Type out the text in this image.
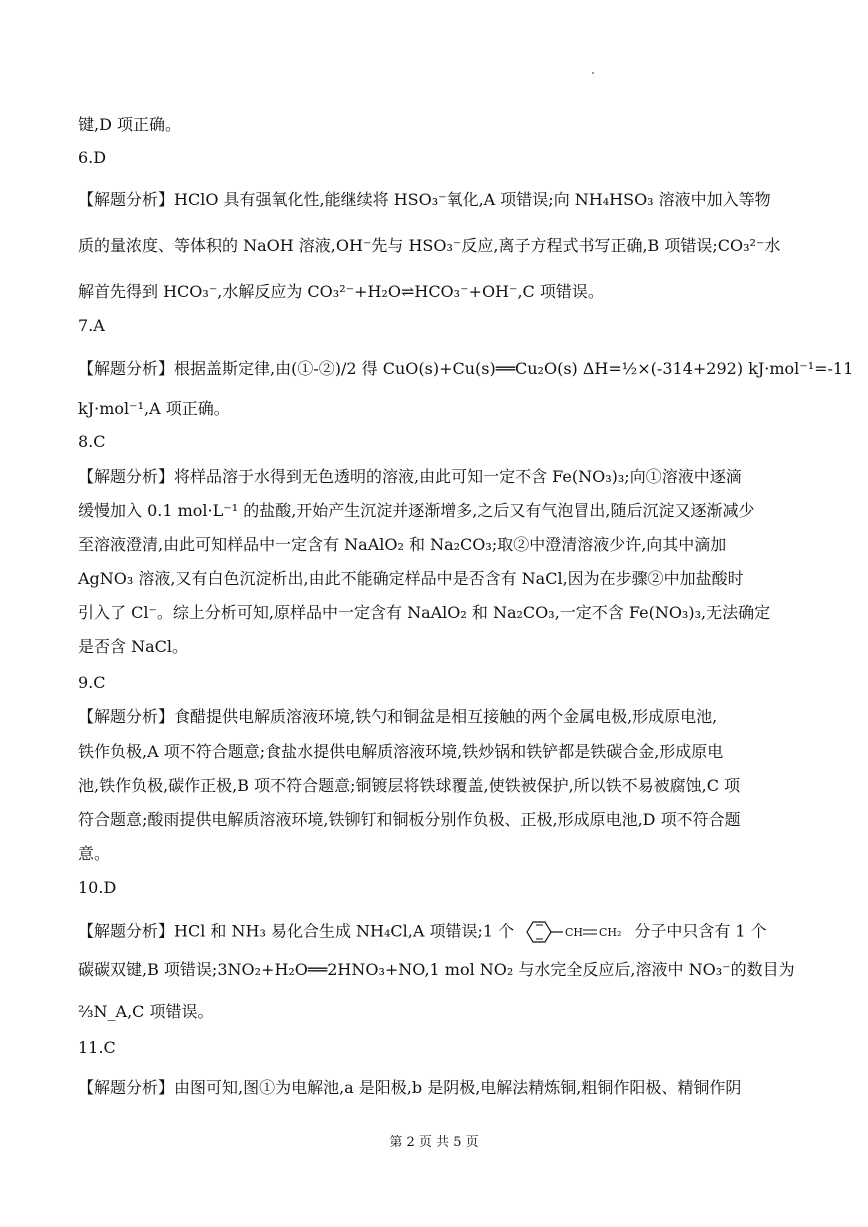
键,D 项正确。
6.D
【解题分析】HClO 具有强氧化性,能继续将 HSO₃⁻氧化,A 项错误;向 NH₄HSO₃ 溶液中加入等物
质的量浓度、等体积的 NaOH 溶液,OH⁻先与 HSO₃⁻反应,离子方程式书写正确,B 项错误;CO₃²⁻水
解首先得到 HCO₃⁻,水解反应为 CO₃²⁻+H₂O⇌HCO₃⁻+OH⁻,C 项错误。
7.A
【解题分析】根据盖斯定律,由(①-②)/2 得 CuO(s)+Cu(s)══Cu₂O(s) ΔH=½×(-314+292) kJ·mol⁻¹=-11
kJ·mol⁻¹,A 项正确。
8.C
【解题分析】将样品溶于水得到无色透明的溶液,由此可知一定不含 Fe(NO₃)₃;向①溶液中逐滴
缓慢加入 0.1 mol·L⁻¹ 的盐酸,开始产生沉淀并逐渐增多,之后又有气泡冒出,随后沉淀又逐渐减少
至溶液澄清,由此可知样品中一定含有 NaAlO₂ 和 Na₂CO₃;取②中澄清溶液少许,向其中滴加
AgNO₃ 溶液,又有白色沉淀析出,由此不能确定样品中是否含有 NaCl,因为在步骤②中加盐酸时
引入了 Cl⁻。综上分析可知,原样品中一定含有 NaAlO₂ 和 Na₂CO₃,一定不含 Fe(NO₃)₃,无法确定
是否含 NaCl。
9.C
【解题分析】食醋提供电解质溶液环境,铁勺和铜盆是相互接触的两个金属电极,形成原电池,
铁作负极,A 项不符合题意;食盐水提供电解质溶液环境,铁炒锅和铁铲都是铁碳合金,形成原电
池,铁作负极,碳作正极,B 项不符合题意;铜镀层将铁球覆盖,使铁被保护,所以铁不易被腐蚀,C 项
符合题意;酸雨提供电解质溶液环境,铁铆钉和铜板分别作负极、正极,形成原电池,D 项不符合题
意。
10.D
【解题分析】HCl 和 NH₃ 易化合生成 NH₄Cl,A 项错误;1 个	CH CH₂ 分子中只含有 1 个
碳碳双键,B 项错误;3NO₂+H₂O══2HNO₃+NO,1 mol NO₂ 与水完全反应后,溶液中 NO₃⁻的数目为
⅔N_A,C 项错误。
11.C
【解题分析】由图可知,图①为电解池,a 是阳极,b 是阴极,电解法精炼铜,粗铜作阳极、精铜作阴
第 2 页 共 5 页
